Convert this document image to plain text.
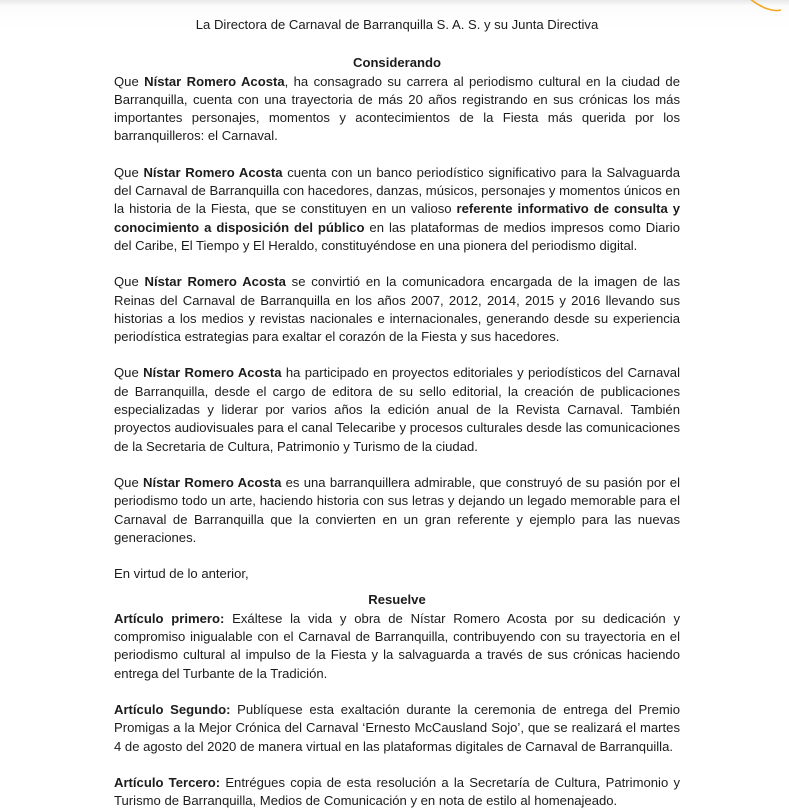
La Directora de Carnaval de Barranquilla S. A. S. y su Junta Directiva

Considerando

Que Nístar Romero Acosta, ha consagrado su carrera al periodismo cultural en la ciudad de Barranquilla, cuenta con una trayectoria de más 20 años registrando en sus crónicas los más importantes personajes, momentos y acontecimientos de la Fiesta más querida por los barranquilleros: el Carnaval.

Que Nístar Romero Acosta cuenta con un banco periodístico significativo para la Salvaguarda del Carnaval de Barranquilla con hacedores, danzas, músicos, personajes y momentos únicos en la historia de la Fiesta, que se constituyen en un valioso referente informativo de consulta y conocimiento a disposición del público en las plataformas de medios impresos como Diario del Caribe, El Tiempo y El Heraldo, constituyéndose en una pionera del periodismo digital.

Que Nístar Romero Acosta se convirtió en la comunicadora encargada de la imagen de las Reinas del Carnaval de Barranquilla en los años 2007, 2012, 2014, 2015 y 2016 llevando sus historias a los medios y revistas nacionales e internacionales, generando desde su experiencia periodística estrategias para exaltar el corazón de la Fiesta y sus hacedores.

Que Nístar Romero Acosta ha participado en proyectos editoriales y periodísticos del Carnaval de Barranquilla, desde el cargo de editora de su sello editorial, la creación de publicaciones especializadas y liderar por varios años la edición anual de la Revista Carnaval. También proyectos audiovisuales para el canal Telecaribe y procesos culturales desde las comunicaciones de la Secretaria de Cultura, Patrimonio y Turismo de la ciudad.

Que Nístar Romero Acosta es una barranquillera admirable, que construyó de su pasión por el periodismo todo un arte, haciendo historia con sus letras y dejando un legado memorable para el Carnaval de Barranquilla que la convierten en un gran referente y ejemplo para las nuevas generaciones.

En virtud de lo anterior,

Resuelve

Artículo primero: Exáltese la vida y obra de Nístar Romero Acosta por su dedicación y compromiso inigualable con el Carnaval de Barranquilla, contribuyendo con su trayectoria en el periodismo cultural al impulso de la Fiesta y la salvaguarda a través de sus crónicas haciendo entrega del Turbante de la Tradición.

Artículo Segundo: Publíquese esta exaltación durante la ceremonia de entrega del Premio Promigas a la Mejor Crónica del Carnaval ‘Ernesto McCausland Sojo’, que se realizará el martes 4 de agosto del 2020 de manera virtual en las plataformas digitales de Carnaval de Barranquilla.

Artículo Tercero: Entrégues copia de esta resolución a la Secretaría de Cultura, Patrimonio y Turismo de Barranquilla, Medios de Comunicación y en nota de estilo al homenajeado.
